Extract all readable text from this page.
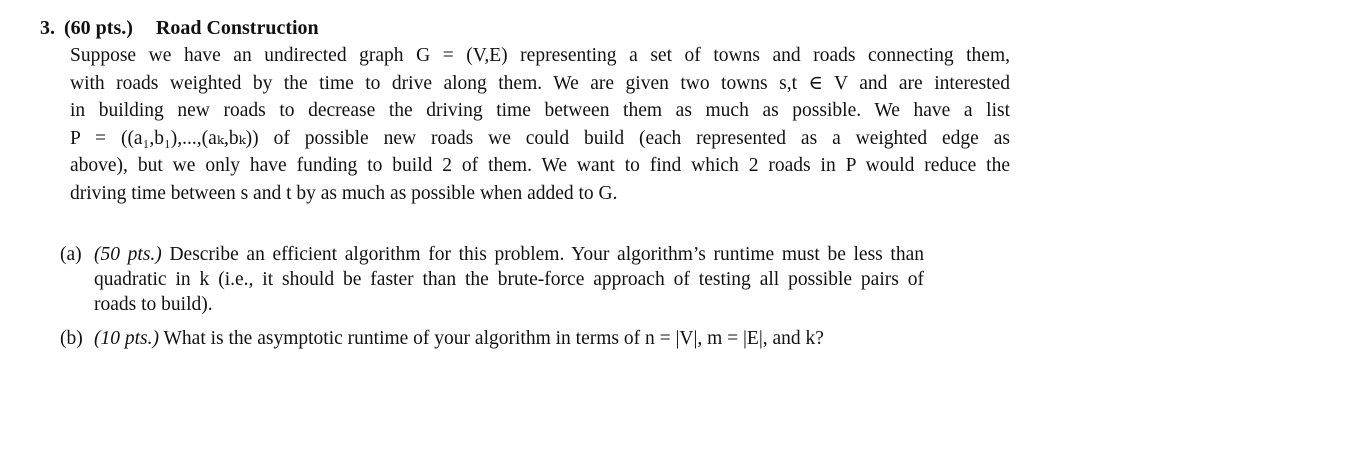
3. (60 pts.) Road Construction
Suppose we have an undirected graph G = (V,E) representing a set of towns and roads connecting them,
with roads weighted by the time to drive along them. We are given two towns s,t ∈ V and are interested
in building new roads to decrease the driving time between them as much as possible. We have a list
P = ((a₁,b₁),...,(aₖ,bₖ)) of possible new roads we could build (each represented as a weighted edge as
above), but we only have funding to build 2 of them. We want to find which 2 roads in P would reduce the
driving time between s and t by as much as possible when added to G.
(a) (50 pts.) Describe an efficient algorithm for this problem. Your algorithm’s runtime must be less than
quadratic in k (i.e., it should be faster than the brute-force approach of testing all possible pairs of
roads to build).
(b) (10 pts.) What is the asymptotic runtime of your algorithm in terms of n = |V|, m = |E|, and k?
